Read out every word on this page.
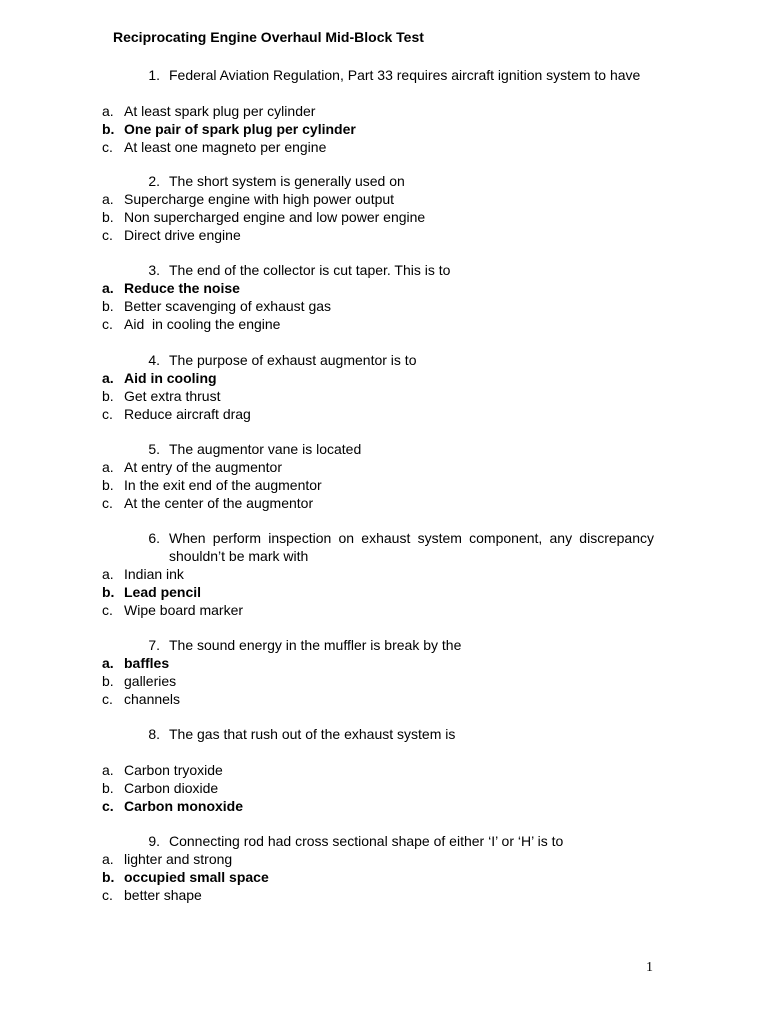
Reciprocating Engine Overhaul Mid-Block Test
1. Federal Aviation Regulation, Part 33 requires aircraft ignition system to have
a. At least spark plug per cylinder
b. One pair of spark plug per cylinder
c. At least one magneto per engine
2. The short system is generally used on
a. Supercharge engine with high power output
b. Non supercharged engine and low power engine
c. Direct drive engine
3. The end of the collector is cut taper. This is to
a. Reduce the noise
b. Better scavenging of exhaust gas
c. Aid  in cooling the engine
4. The purpose of exhaust augmentor is to
a. Aid in cooling
b. Get extra thrust
c. Reduce aircraft drag
5. The augmentor vane is located
a. At entry of the augmentor
b. In the exit end of the augmentor
c. At the center of the augmentor
6. When perform inspection on exhaust system component, any discrepancy shouldn’t be mark with
a. Indian ink
b. Lead pencil
c. Wipe board marker
7. The sound energy in the muffler is break by the
a. baffles
b. galleries
c. channels
8. The gas that rush out of the exhaust system is
a. Carbon tryoxide
b. Carbon dioxide
c. Carbon monoxide
9. Connecting rod had cross sectional shape of either ‘I’ or ‘H’ is to
a. lighter and strong
b. occupied small space
c. better shape
1
